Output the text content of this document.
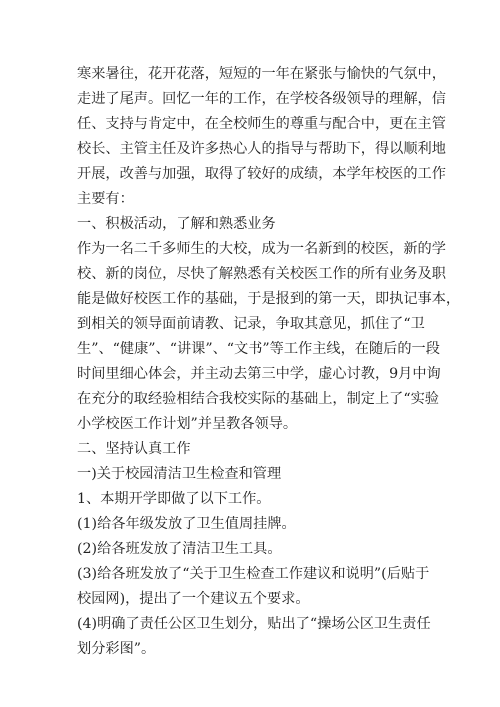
寒来暑往，花开花落，短短的一年在紧张与愉快的气氛中，
走进了尾声。回忆一年的工作，在学校各级领导的理解，信
任、支持与肯定中，在全校师生的尊重与配合中，更在主管
校长、主管主任及许多热心人的指导与帮助下，得以顺利地
开展，改善与加强，取得了较好的成绩，本学年校医的工作
主要有：
一、积极活动，了解和熟悉业务
作为一名二千多师生的大校，成为一名新到的校医，新的学
校、新的岗位，尽快了解熟悉有关校医工作的所有业务及职
能是做好校医工作的基础，于是报到的第一天，即执记事本，
到相关的领导面前请教、记录，争取其意见，抓住了“卫
生”、“健康”、“讲课”、“文书”等工作主线，在随后的一段
时间里细心体会，并主动去第三中学，虚心讨教，9月中询
在充分的取经验相结合我校实际的基础上，制定上了“实验
小学校医工作计划”并呈教各领导。
二、坚持认真工作
一)关于校园清洁卫生检查和管理
1、本期开学即做了以下工作。
(1)给各年级发放了卫生值周挂牌。
(2)给各班发放了清洁卫生工具。
(3)给各班发放了“关于卫生检查工作建议和说明”(后贴于
校园网)，提出了一个建议五个要求。
(4)明确了责任公区卫生划分，贴出了“操场公区卫生责任
划分彩图”。
